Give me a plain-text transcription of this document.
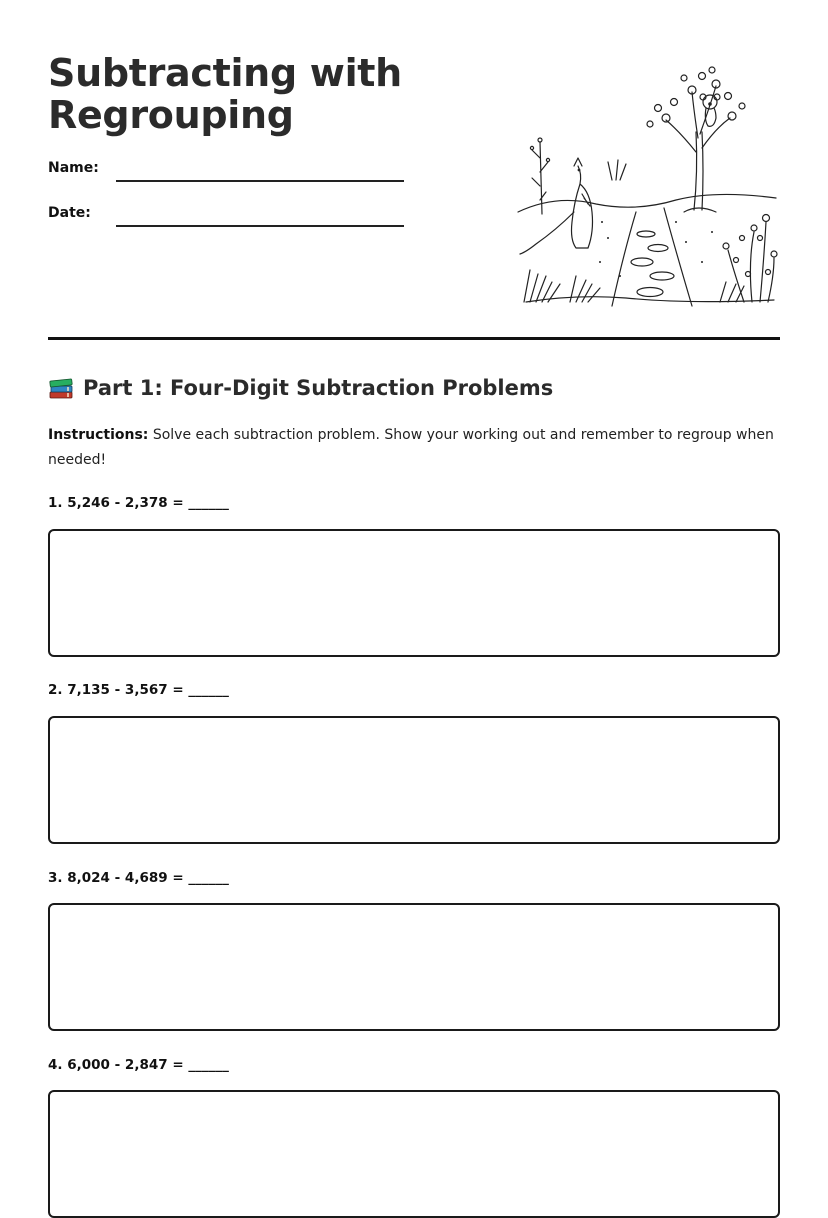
Subtracting with Regrouping
Name:
Date:
Part 1: Four-Digit Subtraction Problems

Instructions: Solve each subtraction problem. Show your working out and remember to regroup when needed!

1. 5,246 - 2,378 = ______
2. 7,135 - 3,567 = ______
3. 8,024 - 4,689 = ______
4. 6,000 - 2,847 = ______
